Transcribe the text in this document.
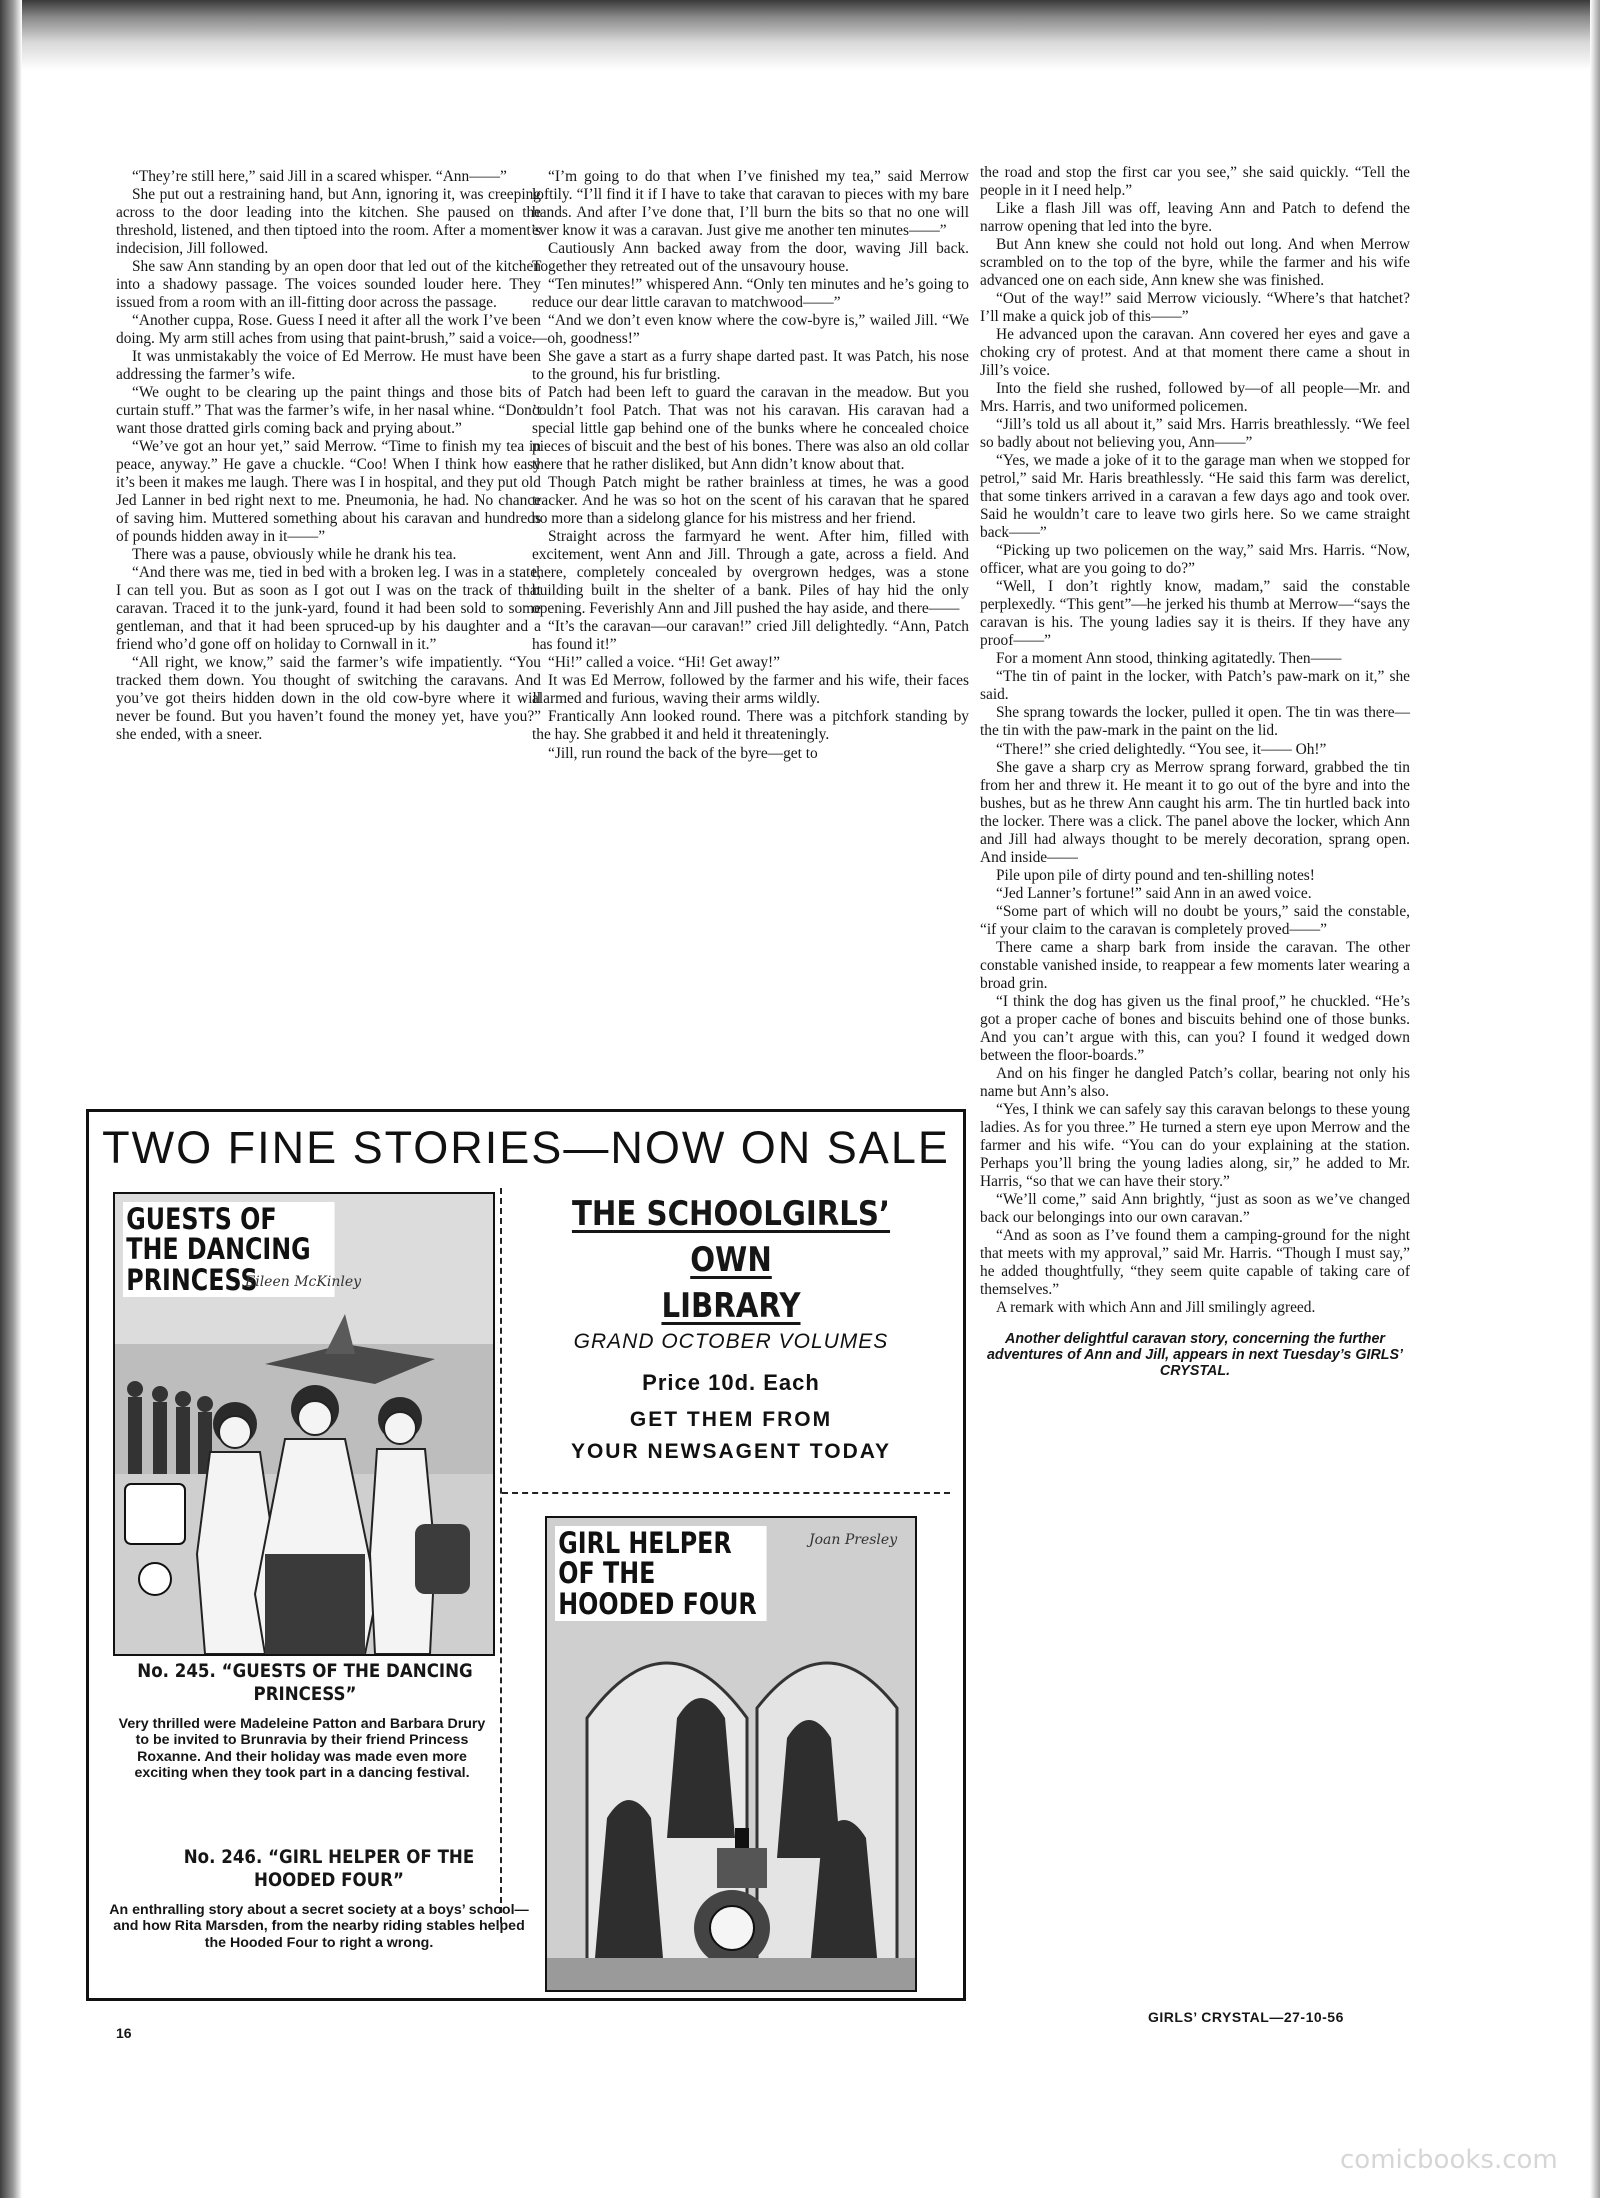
“They’re still here,” said Jill in a scared whisper. “Ann——”

She put out a restraining hand, but Ann, ignoring it, was creeping across to the door leading into the kitchen. She paused on the threshold, listened, and then tiptoed into the room. After a moment’s indecision, Jill followed.

She saw Ann standing by an open door that led out of the kitchen into a shadowy passage. The voices sounded louder here. They issued from a room with an ill-fitting door across the passage.

“Another cuppa, Rose. Guess I need it after all the work I’ve been doing. My arm still aches from using that paint-brush,” said a voice.

It was unmistakably the voice of Ed Merrow. He must have been addressing the farmer’s wife.

“We ought to be clearing up the paint things and those bits of curtain stuff.” That was the farmer’s wife, in her nasal whine. “Don’t want those dratted girls coming back and prying about.”

“We’ve got an hour yet,” said Merrow. “Time to finish my tea in peace, anyway.” He gave a chuckle. “Coo! When I think how easy it’s been it makes me laugh. There was I in hospital, and they put old Jed Lanner in bed right next to me. Pneumonia, he had. No chance of saving him. Muttered something about his caravan and hundreds of pounds hidden away in it——”

There was a pause, obviously while he drank his tea.

“And there was me, tied in bed with a broken leg. I was in a state, I can tell you. But as soon as I got out I was on the track of that caravan. Traced it to the junk-yard, found it had been sold to some gentleman, and that it had been spruced-up by his daughter and a friend who’d gone off on holiday to Cornwall in it.”

“All right, we know,” said the farmer’s wife impatiently. “You tracked them down. You thought of switching the caravans. And you’ve got theirs hidden down in the old cow-byre where it will never be found. But you haven’t found the money yet, have you?” she ended, with a sneer.

“I’m going to do that when I’ve finished my tea,” said Merrow loftily. “I’ll find it if I have to take that caravan to pieces with my bare hands. And after I’ve done that, I’ll burn the bits so that no one will ever know it was a caravan. Just give me another ten minutes——”

Cautiously Ann backed away from the door, waving Jill back. Together they retreated out of the unsavoury house.

“Ten minutes!” whispered Ann. “Only ten minutes and he’s going to reduce our dear little caravan to matchwood——”

“And we don’t even know where the cow-byre is,” wailed Jill. “We—oh, goodness!”

She gave a start as a furry shape darted past. It was Patch, his nose to the ground, his fur bristling.

Patch had been left to guard the caravan in the meadow. But you couldn’t fool Patch. That was not his caravan. His caravan had a special little gap behind one of the bunks where he concealed choice pieces of biscuit and the best of his bones. There was also an old collar there that he rather disliked, but Ann didn’t know about that.

Though Patch might be rather brainless at times, he was a good tracker. And he was so hot on the scent of his caravan that he spared no more than a sidelong glance for his mistress and her friend.

Straight across the farmyard he went. After him, filled with excitement, went Ann and Jill. Through a gate, across a field. And there, completely concealed by overgrown hedges, was a stone building built in the shelter of a bank. Piles of hay hid the only opening. Feverishly Ann and Jill pushed the hay aside, and there——

“It’s the caravan—our caravan!” cried Jill delightedly. “Ann, Patch has found it!”

“Hi!” called a voice. “Hi! Get away!”

It was Ed Merrow, followed by the farmer and his wife, their faces alarmed and furious, waving their arms wildly.

Frantically Ann looked round. There was a pitchfork standing by the hay. She grabbed it and held it threateningly.

“Jill, run round the back of the byre—get to

the road and stop the first car you see,” she said quickly. “Tell the people in it I need help.”

Like a flash Jill was off, leaving Ann and Patch to defend the narrow opening that led into the byre.

But Ann knew she could not hold out long. And when Merrow scrambled on to the top of the byre, while the farmer and his wife advanced one on each side, Ann knew she was finished.

“Out of the way!” said Merrow viciously. “Where’s that hatchet? I’ll make a quick job of this——”

He advanced upon the caravan. Ann covered her eyes and gave a choking cry of protest. And at that moment there came a shout in Jill’s voice.

Into the field she rushed, followed by—of all people—Mr. and Mrs. Harris, and two uniformed policemen.

“Jill’s told us all about it,” said Mrs. Harris breathlessly. “We feel so badly about not believing you, Ann——”

“Yes, we made a joke of it to the garage man when we stopped for petrol,” said Mr. Haris breathlessly. “He said this farm was derelict, that some tinkers arrived in a caravan a few days ago and took over. Said he wouldn’t care to leave two girls here. So we came straight back——”

“Picking up two policemen on the way,” said Mrs. Harris. “Now, officer, what are you going to do?”

“Well, I don’t rightly know, madam,” said the constable perplexedly. “This gent”—he jerked his thumb at Merrow—“says the caravan is his. The young ladies say it is theirs. If they have any proof——”

For a moment Ann stood, thinking agitatedly. Then——

“The tin of paint in the locker, with Patch’s paw-mark on it,” she said.

She sprang towards the locker, pulled it open. The tin was there—the tin with the paw-mark in the paint on the lid.

“There!” she cried delightedly. “You see, it—— Oh!”

She gave a sharp cry as Merrow sprang forward, grabbed the tin from her and threw it. He meant it to go out of the byre and into the bushes, but as he threw Ann caught his arm. The tin hurtled back into the locker. There was a click. The panel above the locker, which Ann and Jill had always thought to be merely decoration, sprang open. And inside——

Pile upon pile of dirty pound and ten-shilling notes!

“Jed Lanner’s fortune!” said Ann in an awed voice.

“Some part of which will no doubt be yours,” said the constable, “if your claim to the caravan is completely proved——”

There came a sharp bark from inside the caravan. The other constable vanished inside, to reappear a few moments later wearing a broad grin.

“I think the dog has given us the final proof,” he chuckled. “He’s got a proper cache of bones and biscuits behind one of those bunks. And you can’t argue with this, can you? I found it wedged down between the floor-boards.”

And on his finger he dangled Patch’s collar, bearing not only his name but Ann’s also.

“Yes, I think we can safely say this caravan belongs to these young ladies. As for you three.” He turned a stern eye upon Merrow and the farmer and his wife. “You can do your explaining at the station. Perhaps you’ll bring the young ladies along, sir,” he added to Mr. Harris, “so that we can have their story.”

“We’ll come,” said Ann brightly, “just as soon as we’ve changed back our belongings into our own caravan.”

“And as soon as I’ve found them a camping-ground for the night that meets with my approval,” said Mr. Harris. “Though I must say,” he added thoughtfully, “they seem quite capable of taking care of themselves.”

A remark with which Ann and Jill smilingly agreed.

Another delightful caravan story, concerning the further adventures of Ann and Jill, appears in next Tuesday’s GIRLS’ CRYSTAL.
TWO FINE STORIES—NOW ON SALE
GUESTS OF THE DANCING PRINCESS
Eileen McKinley
THE SCHOOLGIRLS’ OWN
LIBRARY
GRAND OCTOBER VOLUMES
Price 10d. Each
GET THEM FROM
YOUR NEWSAGENT TODAY
No. 245. “GUESTS OF THE DANCING PRINCESS”
Very thrilled were Madeleine Patton and Barbara Drury to be invited to Brunravia by their friend Princess Roxanne. And their holiday was made even more exciting when they took part in a dancing festival.
No. 246. “GIRL HELPER OF THE HOODED FOUR”
An enthralling story about a secret society at a boys’ school—and how Rita Marsden, from the nearby riding stables helped the Hooded Four to right a wrong.
GIRL HELPER OF THE HOODED FOUR
Joan Presley
16
GIRLS’ CRYSTAL—27-10-56
comicbooks.com
